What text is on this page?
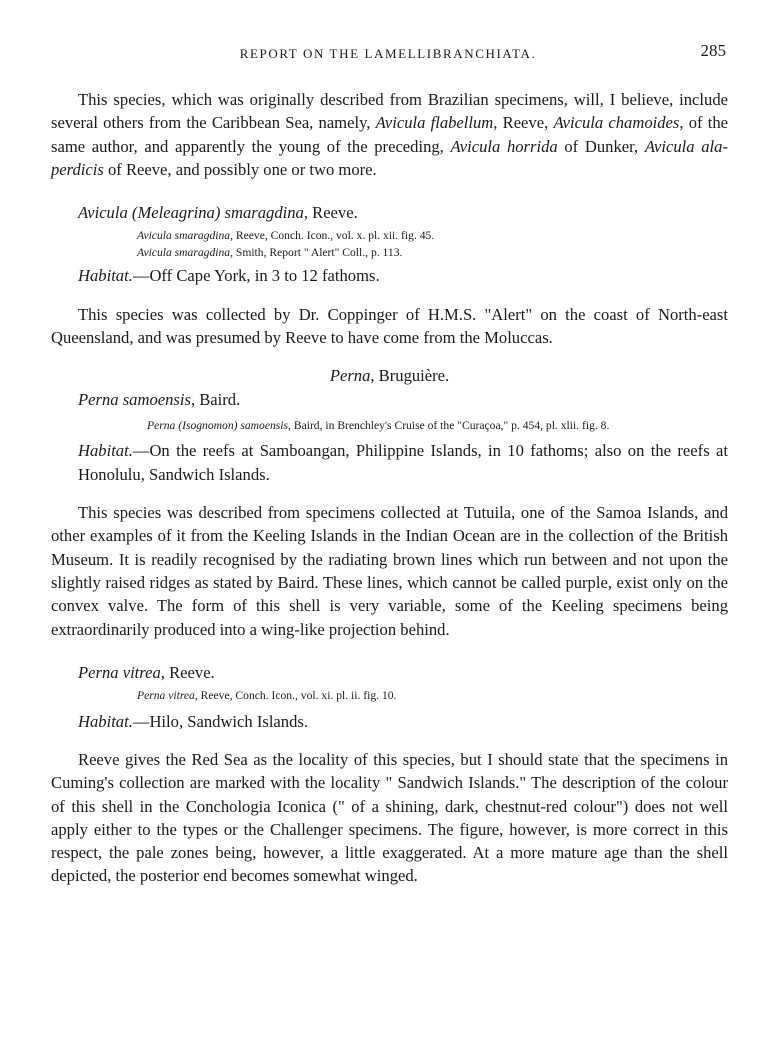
REPORT ON THE LAMELLIBRANCHIATA.	285

This species, which was originally described from Brazilian specimens, will, I believe, include several others from the Caribbean Sea, namely, Avicula flabellum, Reeve, Avicula chamoides, of the same author, and apparently the young of the preceding, Avicula horrida of Dunker, Avicula ala-perdicis of Reeve, and possibly one or two more.

Avicula (Meleagrina) smaragdina, Reeve.

Avicula smaragdina, Reeve, Conch. Icon., vol. x. pl. xii. fig. 45.

Avicula smaragdina, Smith, Report " Alert" Coll., p. 113.

Habitat.—Off Cape York, in 3 to 12 fathoms.

This species was collected by Dr. Coppinger of H.M.S. "Alert" on the coast of North-east Queensland, and was presumed by Reeve to have come from the Moluccas.

Perna, Bruguière.

Perna samoensis, Baird.

Perna (Isognomon) samoensis, Baird, in Brenchley's Cruise of the "Curaçoa," p. 454, pl. xlii. fig. 8.

Habitat.—On the reefs at Samboangan, Philippine Islands, in 10 fathoms; also on the reefs at Honolulu, Sandwich Islands.

This species was described from specimens collected at Tutuila, one of the Samoa Islands, and other examples of it from the Keeling Islands in the Indian Ocean are in the collection of the British Museum. It is readily recognised by the radiating brown lines which run between and not upon the slightly raised ridges as stated by Baird. These lines, which cannot be called purple, exist only on the convex valve. The form of this shell is very variable, some of the Keeling specimens being extraordinarily produced into a wing-like projection behind.

Perna vitrea, Reeve.

Perna vitrea, Reeve, Conch. Icon., vol. xi. pl. ii. fig. 10.

Habitat.—Hilo, Sandwich Islands.

Reeve gives the Red Sea as the locality of this species, but I should state that the specimens in Cuming's collection are marked with the locality " Sandwich Islands." The description of the colour of this shell in the Conchologia Iconica (" of a shining, dark, chestnut-red colour") does not well apply either to the types or the Challenger specimens. The figure, however, is more correct in this respect, the pale zones being, however, a little exaggerated. At a more mature age than the shell depicted, the posterior end becomes somewhat winged.
